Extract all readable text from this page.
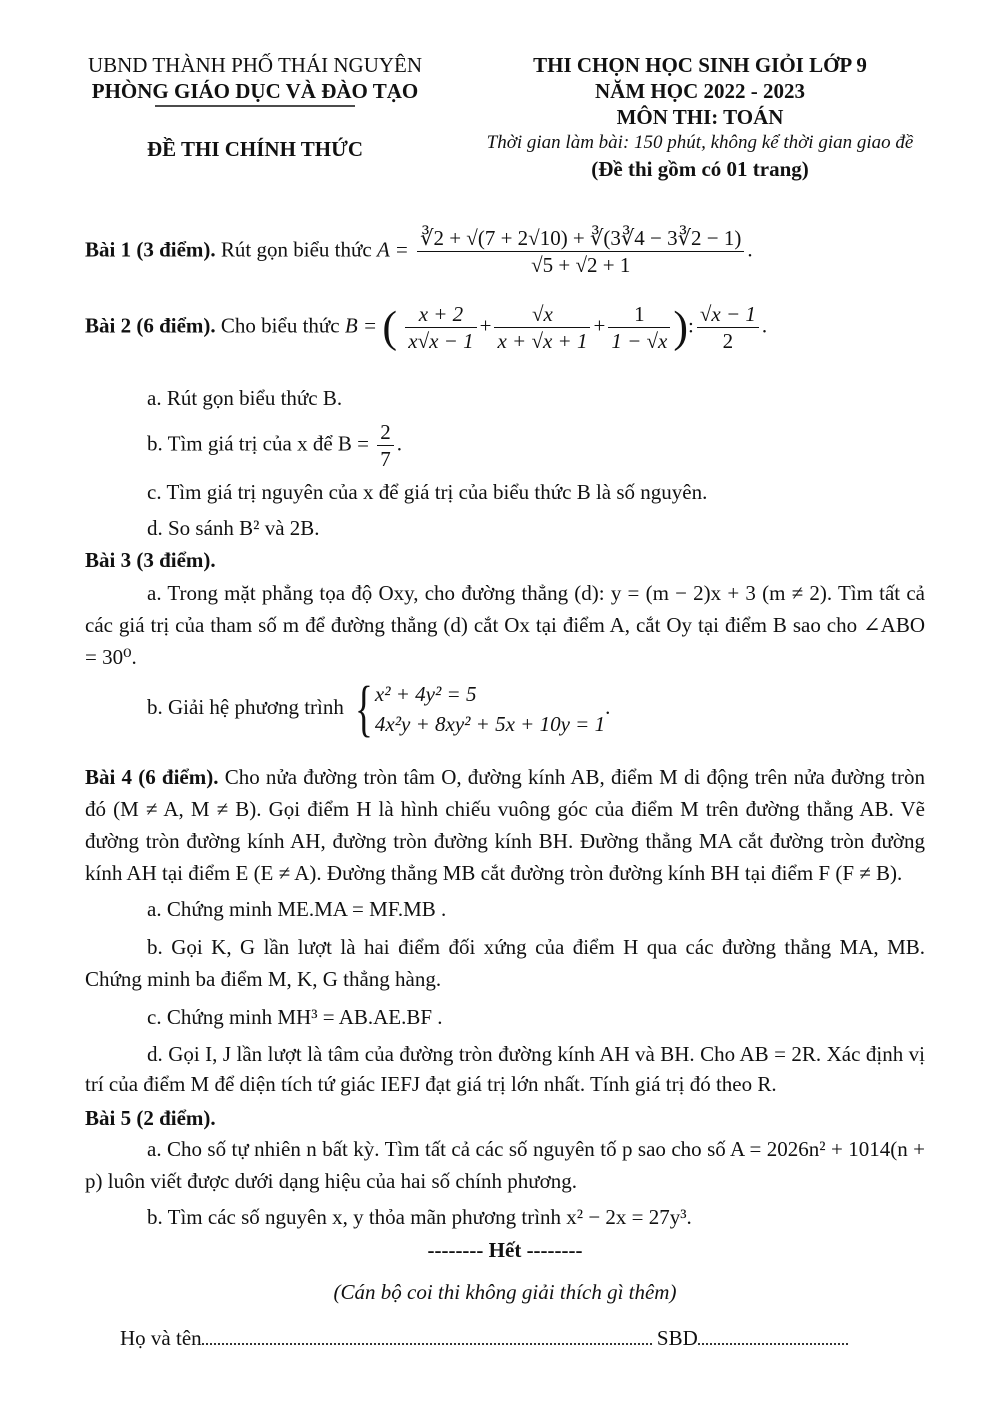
UBND THÀNH PHỐ THÁI NGUYÊN
PHÒNG GIÁO DỤC VÀ ĐÀO TẠO
ĐỀ THI CHÍNH THỨC
THI CHỌN HỌC SINH GIỎI LỚP 9
NĂM HỌC 2022 - 2023
MÔN THI: TOÁN
Thời gian làm bài: 150 phút, không kể thời gian giao đề
(Đề thi gồm có 01 trang)
Bài 1 (3 điểm). Rút gọn biểu thức $A = \frac{∛2 + √(7 + 2√10) + ∛(3∛4 - 3∛2 - 1)}{√5 + √2 + 1}$ .
Bài 2 (6 điểm). Cho biểu thức B = ( $\frac{x + 2}{x√x - 1} + \frac{√x}{x + √x + 1} + \frac{1}{1 - √x}$ ): $\frac{√x - 1}{2}$ .
a. Rút gọn biểu thức B.
b. Tìm giá trị của x để $B = \frac{2}{7}$ .
c. Tìm giá trị nguyên của x để giá trị của biểu thức B là số nguyên.
d. So sánh B² và 2B.
Bài 3 (3 điểm).

a. Trong mặt phẳng tọa độ Oxy, cho đường thẳng (d): y = (m − 2)x + 3 (m ≠ 2). Tìm tất cả các giá trị của tham số m để đường thẳng (d) cắt Ox tại điểm A, cắt Oy tại điểm B sao cho ∠ABO = 30⁰.

b. Giải hệ phương trình { x² + 4y² = 5
4x²y + 8xy² + 5x + 10y = 1
.

Bài 4 (6 điểm). Cho nửa đường tròn tâm O, đường kính AB, điểm M di động trên nửa đường tròn đó (M ≠ A, M ≠ B). Gọi điểm H là hình chiếu vuông góc của điểm M trên đường thẳng AB. Vẽ đường tròn đường kính AH, đường tròn đường kính BH. Đường thẳng MA cắt đường tròn đường kính AH tại điểm E (E ≠ A). Đường thẳng MB cắt đường tròn đường kính BH tại điểm F (F ≠ B).

a. Chứng minh ME.MA = MF.MB .

b. Gọi K, G lần lượt là hai điểm đối xứng của điểm H qua các đường thẳng MA, MB. Chứng minh ba điểm M, K, G thẳng hàng.

c. Chứng minh MH³ = AB.AE.BF .

d. Gọi I, J lần lượt là tâm của đường tròn đường kính AH và BH. Cho AB = 2R. Xác định vị trí của điểm M để diện tích tứ giác IEFJ đạt giá trị lớn nhất. Tính giá trị đó theo R.

Bài 5 (2 điểm).

a. Cho số tự nhiên n bất kỳ. Tìm tất cả các số nguyên tố p sao cho số A = 2026n² + 1014(n + p) luôn viết được dưới dạng hiệu của hai số chính phương.

b. Tìm các số nguyên x, y thỏa mãn phương trình x² − 2x = 27y³.
-------- Hết --------
(Cán bộ coi thi không giải thích gì thêm)
Họ và tên	SBD
